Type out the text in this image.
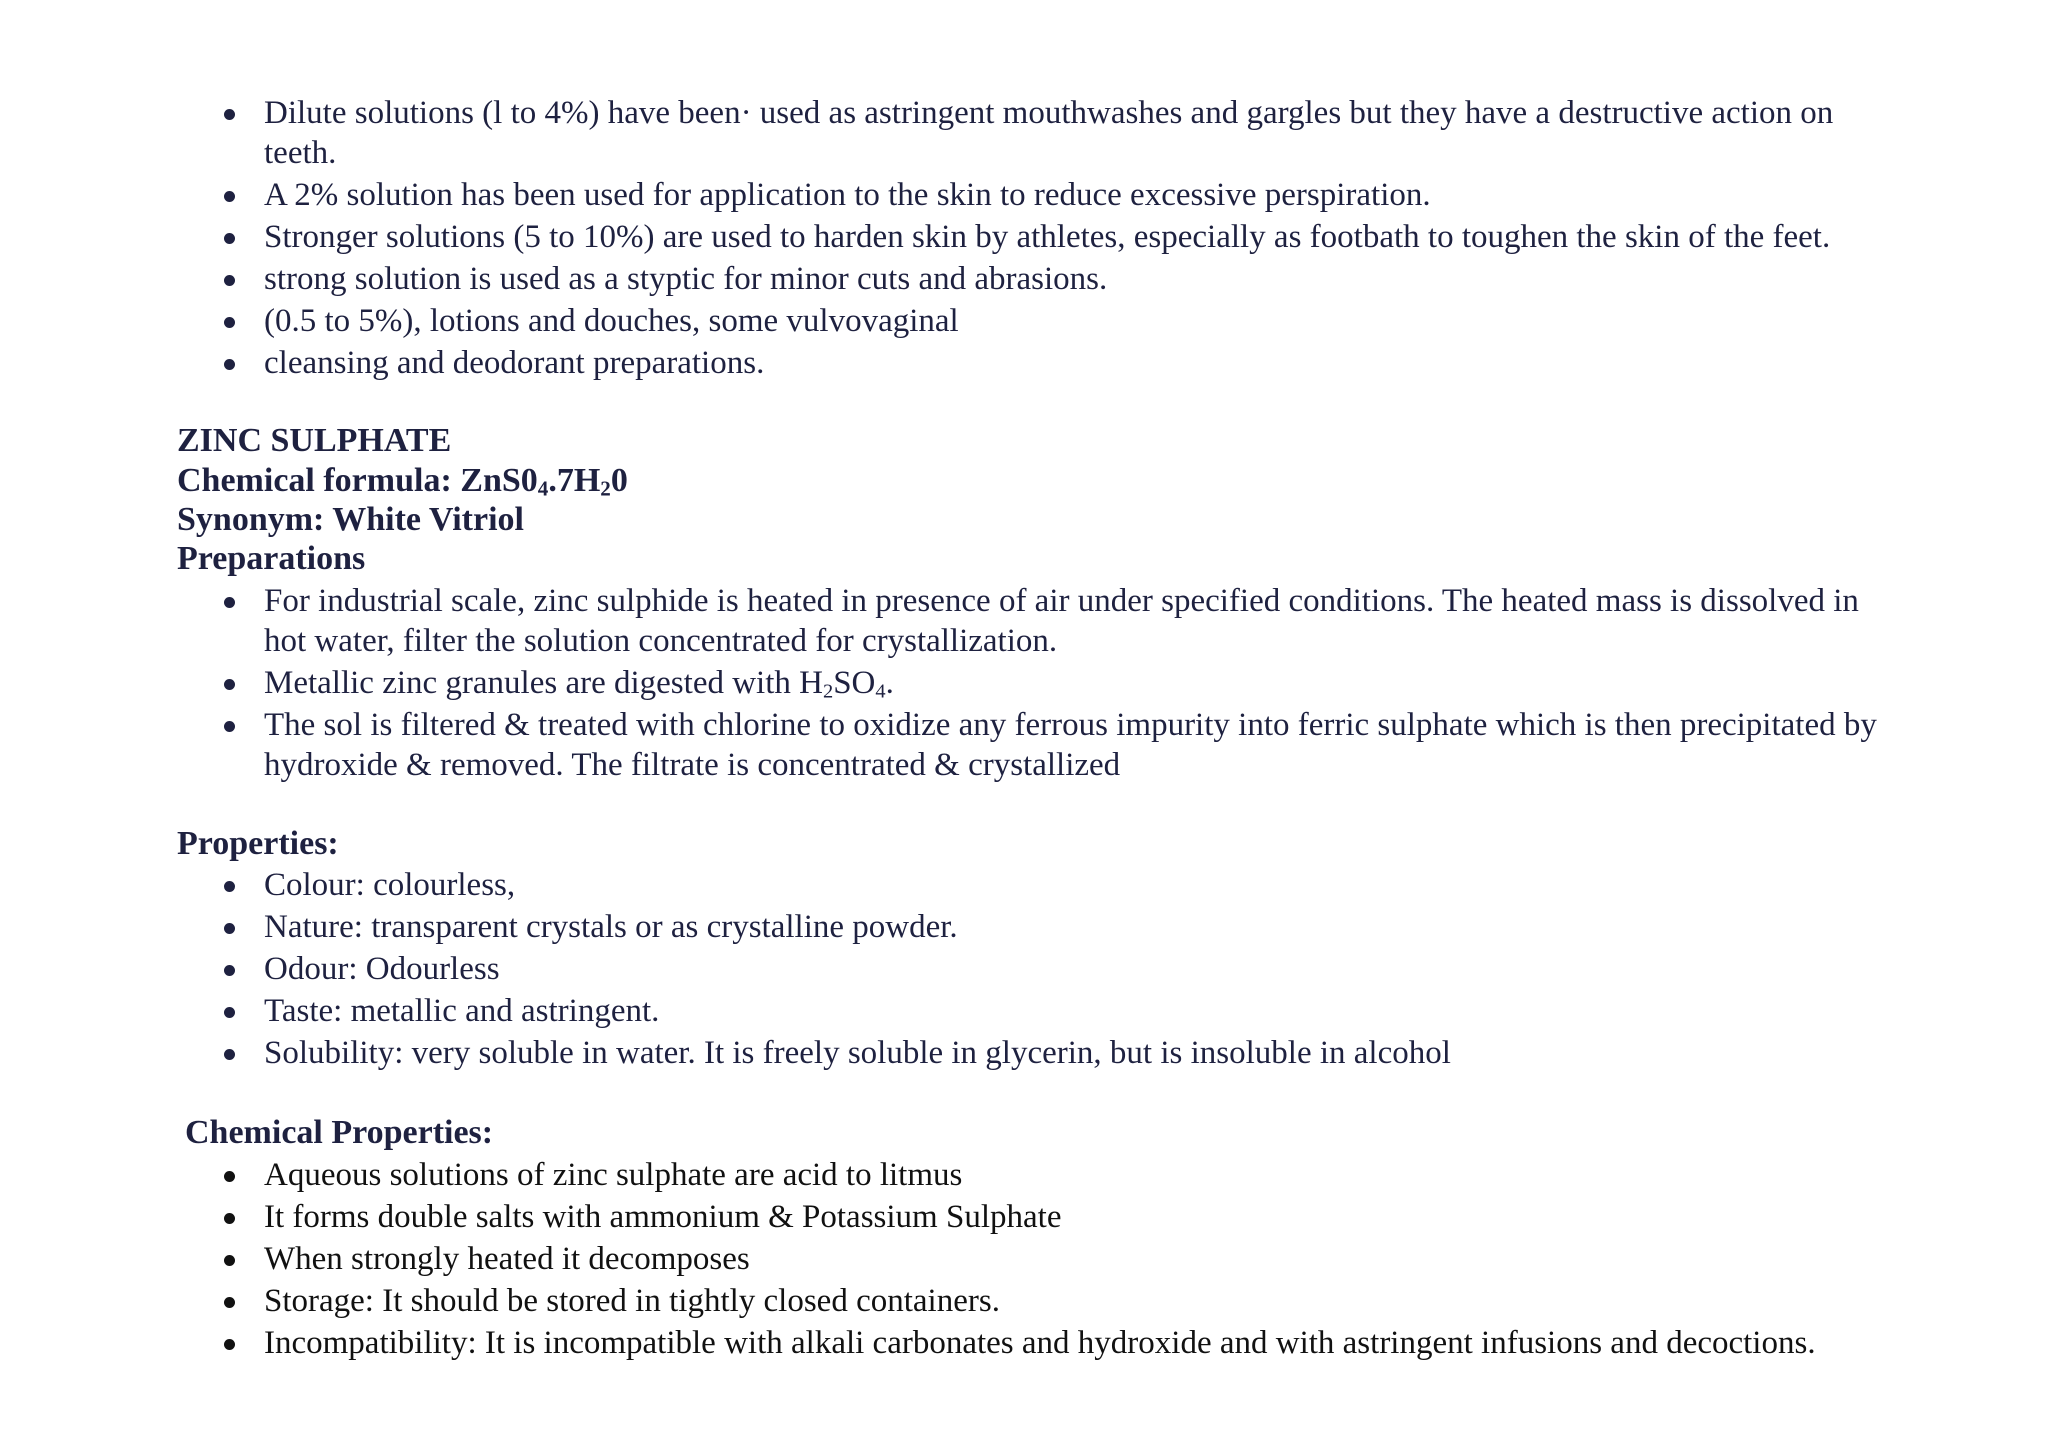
Dilute solutions (l to 4%) have been· used as astringent mouthwashes and gargles but they have a destructive action on teeth.
A 2% solution has been used for application to the skin to reduce excessive perspiration.
Stronger solutions (5 to 10%) are used to harden skin by athletes, especially as footbath to toughen the skin of the feet.
strong solution is used as a styptic for minor cuts and abrasions.
(0.5 to 5%), lotions and douches, some vulvovaginal
cleansing and deodorant preparations.
ZINC SULPHATE
Chemical formula: $ZnS0_4.7H_20$
Synonym: White Vitriol
Preparations
For industrial scale, zinc sulphide is heated in presence of air under specified conditions. The heated mass is dissolved in hot water, filter the solution concentrated for crystallization.
Metallic zinc granules are digested with $H_2SO_4$.
The sol is filtered & treated with chlorine to oxidize any ferrous impurity into ferric sulphate which is then precipitated by hydroxide & removed. The filtrate is concentrated & crystallized
Properties:
Colour: colourless,
Nature: transparent crystals or as crystalline powder.
Odour: Odourless
Taste: metallic and astringent.
Solubility: very soluble in water. It is freely soluble in glycerin, but is insoluble in alcohol
Chemical Properties:
Aqueous solutions of zinc sulphate are acid to litmus
It forms double salts with ammonium & Potassium Sulphate
When strongly heated it decomposes
Storage: It should be stored in tightly closed containers.
Incompatibility: It is incompatible with alkali carbonates and hydroxide and with astringent infusions and decoctions.
